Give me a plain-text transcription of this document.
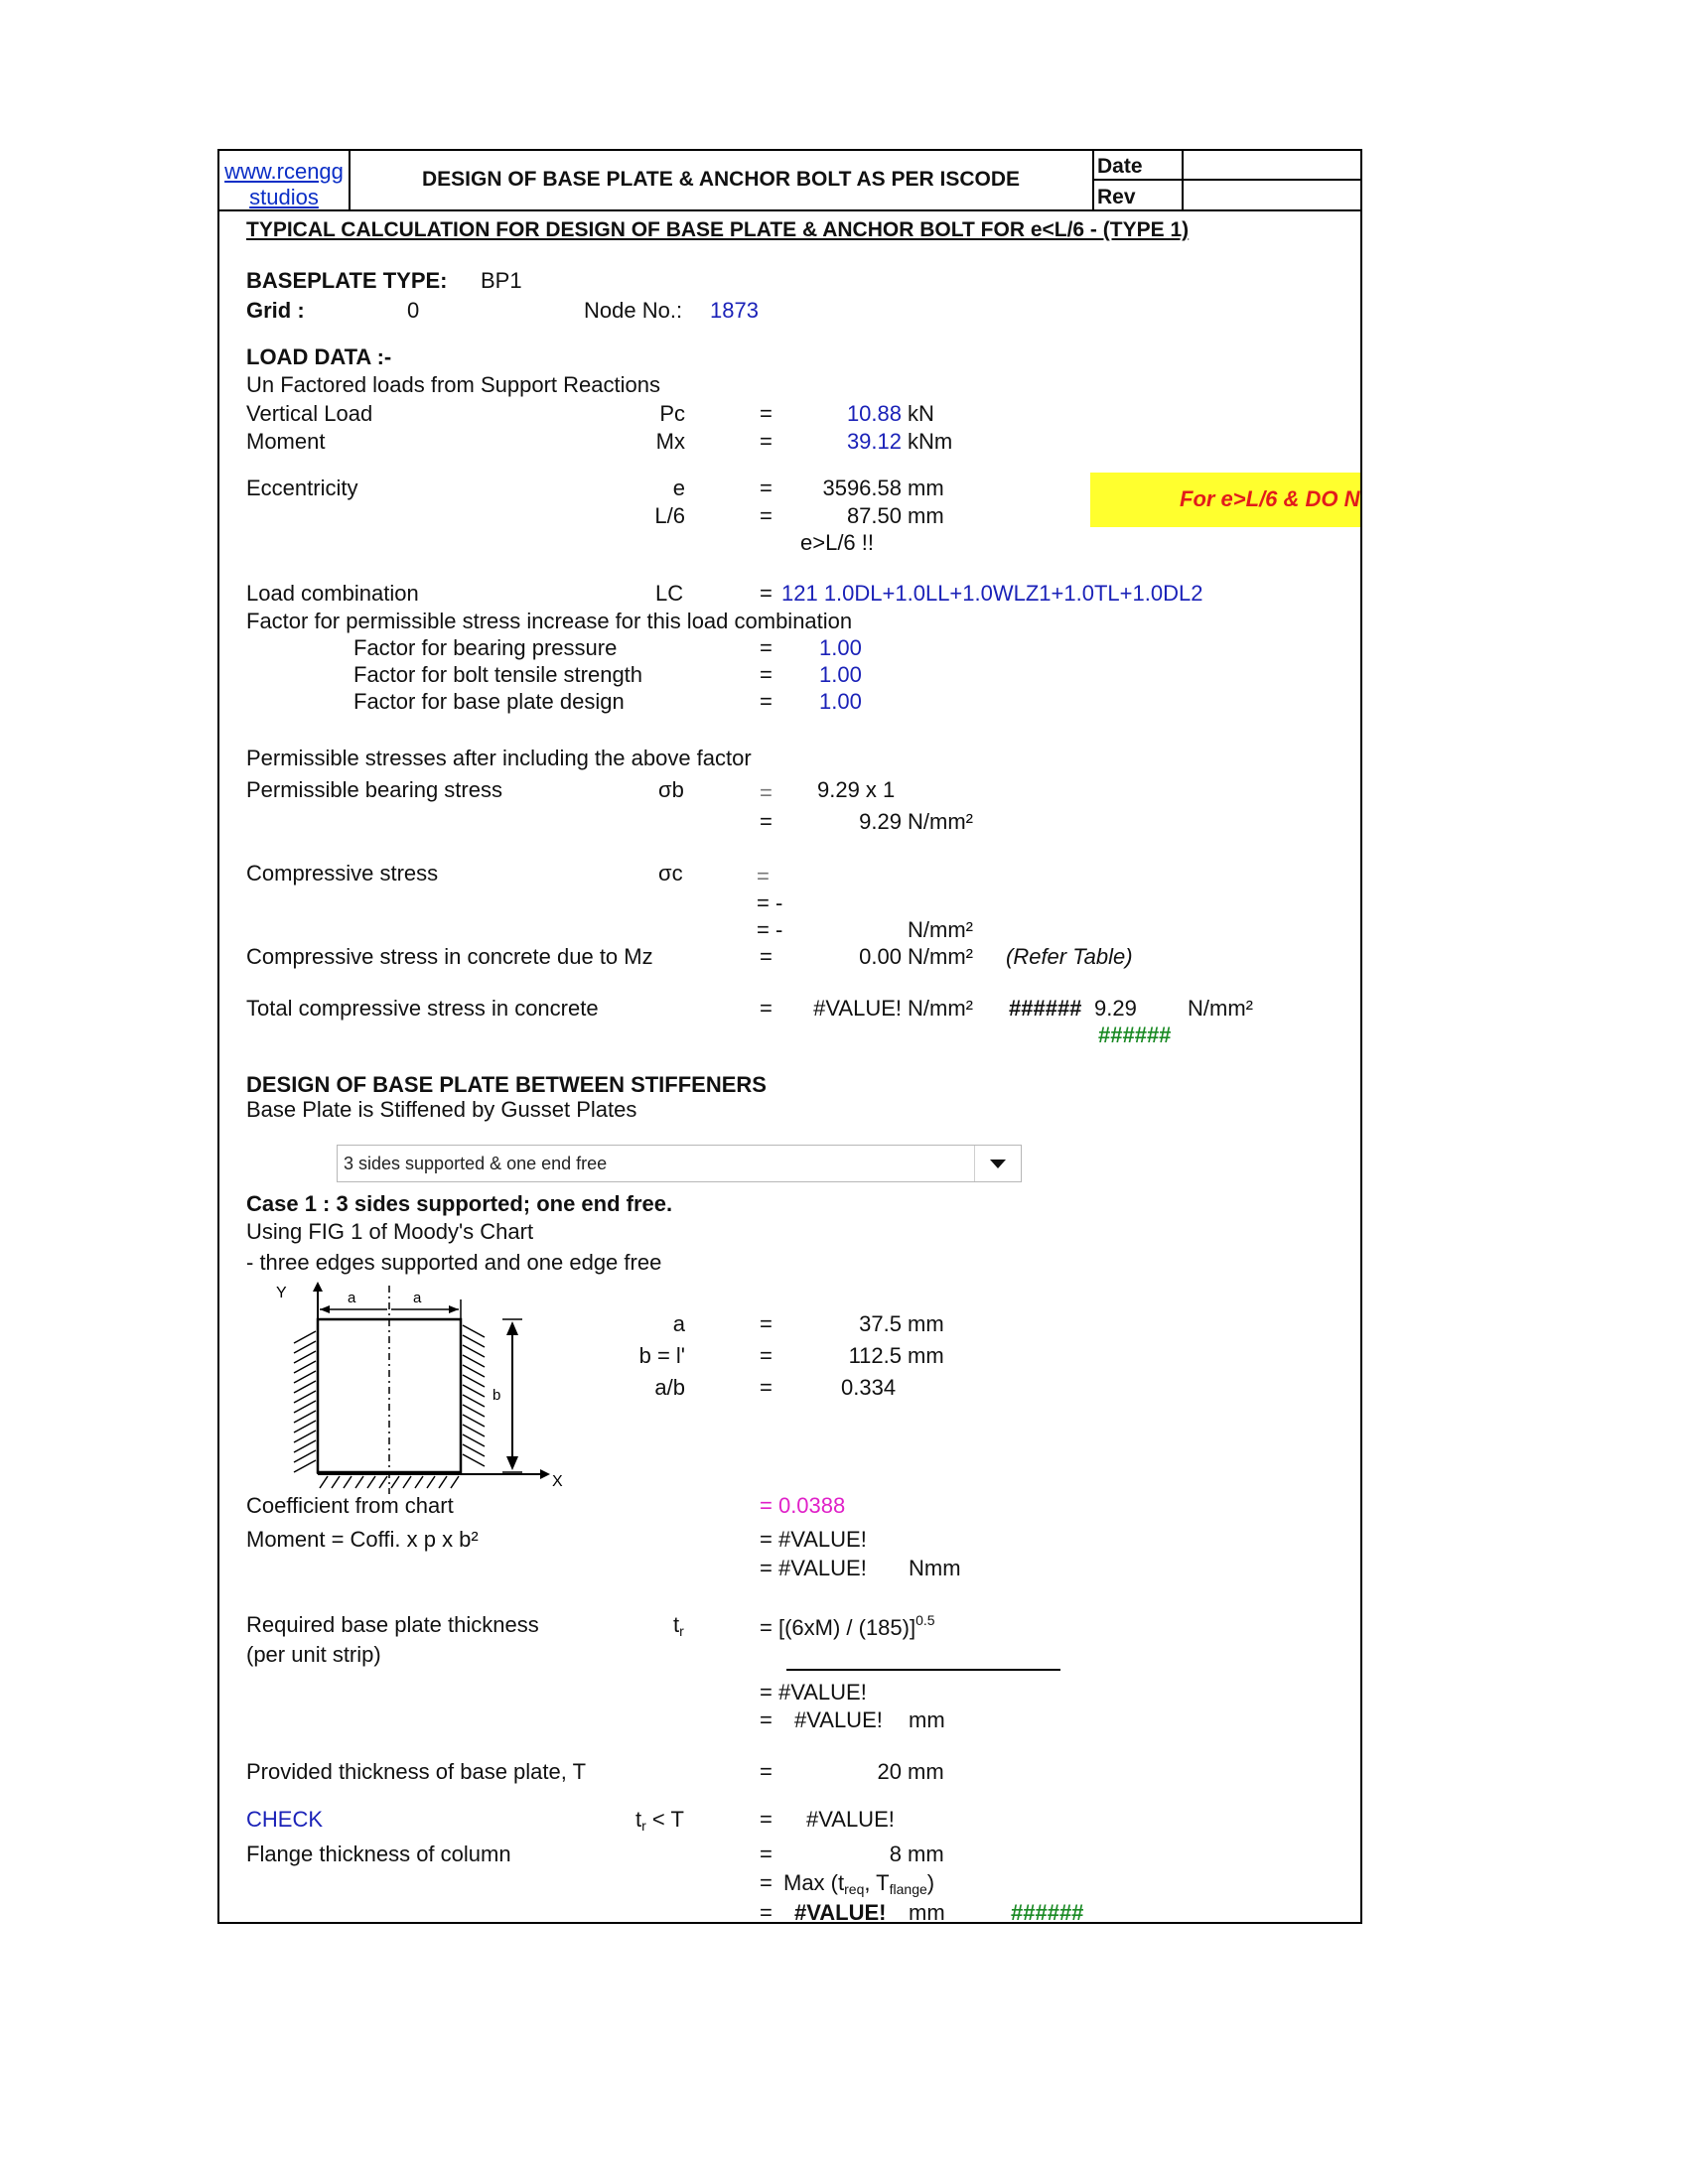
www.rcengg
studios
DESIGN OF BASE PLATE & ANCHOR BOLT AS PER ISCODE
Date
Rev
TYPICAL CALCULATION FOR DESIGN OF BASE PLATE & ANCHOR BOLT FOR e<L/6 - (TYPE 1)
BASEPLATE TYPE: BP1
Grid :	0	Node No.: 1873
LOAD DATA :-
Un Factored loads from Support Reactions
Vertical Load	Pc	=	10.88 kN
Moment	Mx	=	39.12 kNm
Eccentricity	e	=	3596.58 mm
L/6	=	87.50 mm
e>L/6 !!
For e>L/6 & DO N
Load combination	LC	= 121 1.0DL+1.0LL+1.0WLZ1+1.0TL+1.0DL2
Factor for permissible stress increase for this load combination
Factor for bearing pressure	= 1.00
Factor for bolt tensile strength	= 1.00
Factor for base plate design	= 1.00
Permissible stresses after including the above factor
Permissible bearing stress	σb	= 9.29 x 1
=	9.29 N/mm²
Compressive stress	σc	=
= -
= -	N/mm²
Compressive stress in concrete due to Mz	=	0.00 N/mm² (Refer Table)
Total compressive stress in concrete	=	#VALUE! N/mm² ###### 9.29 N/mm²
######
DESIGN OF BASE PLATE BETWEEN STIFFENERS
Base Plate is Stiffened by Gusset Plates
3 sides supported & one end free
Case 1 : 3 sides supported; one end free.
Using FIG 1 of Moody's Chart
- three edges supported and one edge free
Y
X
a	a
b
a	=	37.5 mm
b = l'	=	112.5 mm
a/b	=	0.334
Coefficient from chart	= 0.0388
Moment = Coffi. x p x b²	= #VALUE!
= #VALUE! Nmm
Required base plate thickness
(per unit strip)
$t_r$	= [(6xM) / (185)]$^{0.5}$
= #VALUE!
= #VALUE! mm
Provided thickness of base plate, T	=	20 mm
CHECK	$t_r < T$	= #VALUE!
Flange thickness of column	=	8 mm
= Max ($t_{req}$, $T_{flange}$)
= #VALUE! mm	######
